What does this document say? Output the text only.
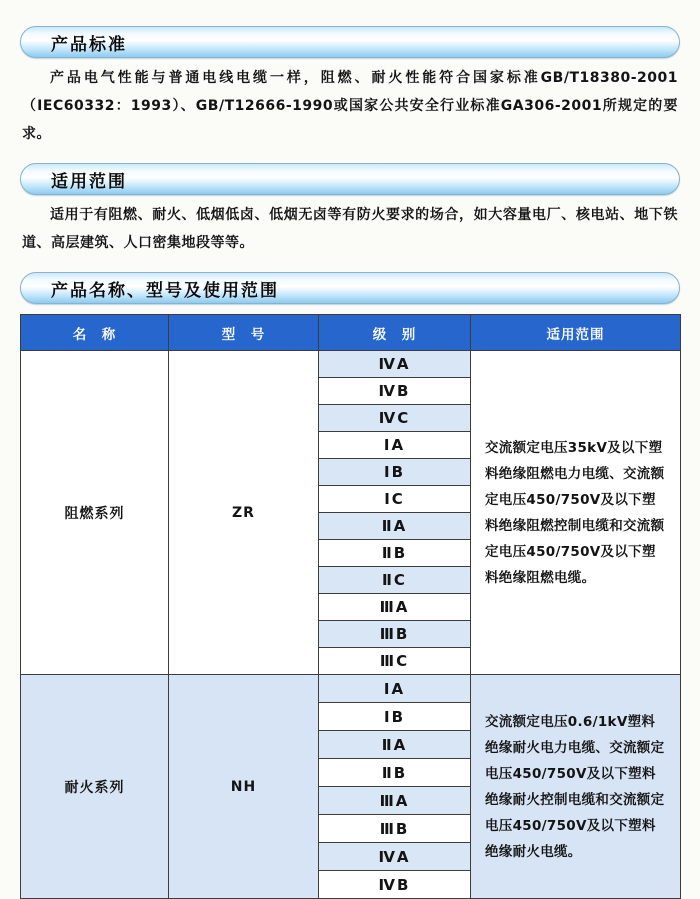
产品标准

产品电气性能与普通电线电缆一样，阻燃、耐火性能符合国家标准GB/T18380-2001（IEC60332：1993）、GB/T12666-1990或国家公共安全行业标准GA306-2001所规定的要求。

适用范围

适用于有阻燃、耐火、低烟低卤、低烟无卤等有防火要求的场合，如大容量电厂、核电站、地下铁道、高层建筑、人口密集地段等等。

产品名称、型号及使用范围
名　称	型　号	级　别	适用范围
阻燃系列	ZR	ⅣA	交流额定电压35kV及以下塑料绝缘阻燃电力电缆、交流额定电压450/750V及以下塑料绝缘阻燃控制电缆和交流额定电压450/750V及以下塑料绝缘阻燃电缆。
		ⅣB	
		ⅣC	
		ⅠA	
		ⅠB	
		ⅠC	
		ⅡA	
		ⅡB	
		ⅡC	
		ⅢA	
		ⅢB	
		ⅢC	
耐火系列	NH	ⅠA	交流额定电压0.6/1kV塑料绝缘耐火电力电缆、交流额定电压450/750V及以下塑料绝缘耐火控制电缆和交流额定电压450/750V及以下塑料绝缘耐火电缆。
		ⅠB	
		ⅡA	
		ⅡB	
		ⅢA	
		ⅢB	
		ⅣA	
		ⅣB	
